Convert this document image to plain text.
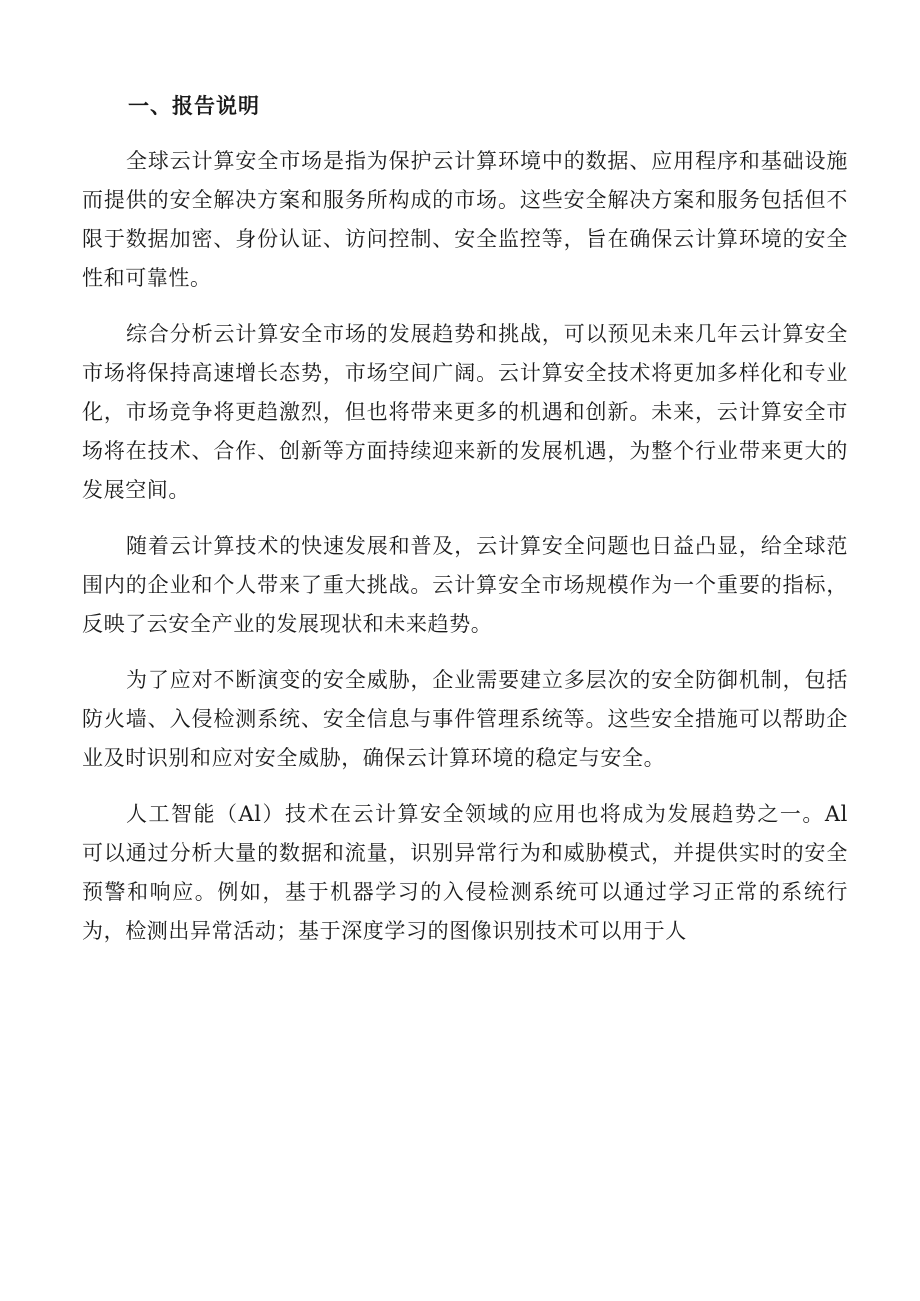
一、报告说明

全球云计算安全市场是指为保护云计算环境中的数据、应用程序和基础设施而提供的安全解决方案和服务所构成的市场。这些安全解决方案和服务包括但不限于数据加密、身份认证、访问控制、安全监控等，旨在确保云计算环境的安全性和可靠性。

综合分析云计算安全市场的发展趋势和挑战，可以预见未来几年云计算安全市场将保持高速增长态势，市场空间广阔。云计算安全技术将更加多样化和专业化，市场竞争将更趋激烈，但也将带来更多的机遇和创新。未来，云计算安全市场将在技术、合作、创新等方面持续迎来新的发展机遇，为整个行业带来更大的发展空间。

随着云计算技术的快速发展和普及，云计算安全问题也日益凸显，给全球范围内的企业和个人带来了重大挑战。云计算安全市场规模作为一个重要的指标，反映了云安全产业的发展现状和未来趋势。

为了应对不断演变的安全威胁，企业需要建立多层次的安全防御机制，包括防火墙、入侵检测系统、安全信息与事件管理系统等。这些安全措施可以帮助企业及时识别和应对安全威胁，确保云计算环境的稳定与安全。

人工智能（Al）技术在云计算安全领域的应用也将成为发展趋势之一。Al 可以通过分析大量的数据和流量，识别异常行为和威胁模式，并提供实时的安全预警和响应。例如，基于机器学习的入侵检测系统可以通过学习正常的系统行为，检测出异常活动；基于深度学习的图像识别技术可以用于人
